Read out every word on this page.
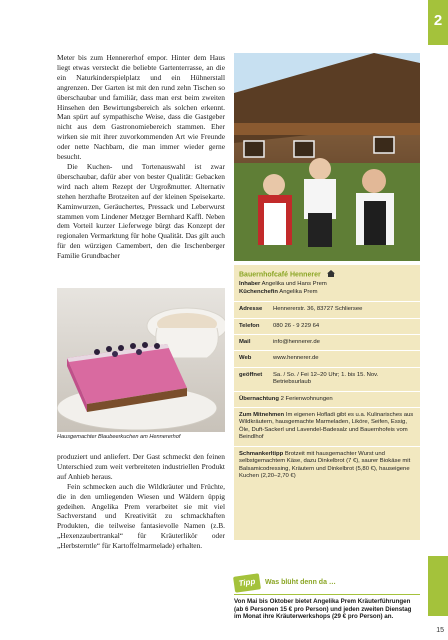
2

Meter bis zum Hennererhof empor. Hinter dem Haus liegt etwas versteckt die beliebte Gartenterrasse, an die ein Naturkinderspielplatz und ein Hühnerstall angrenzen. Der Garten ist mit den rund zehn Tischen so überschaubar und familiär, dass man erst beim zweiten Hinsehen den Bewirtungsbereich als solchen erkennt. Man spürt auf sympathische Weise, dass die Gastgeber nicht aus dem Gastronomiebereich stammen. Eher wirken sie mit ihrer zuvorkommenden Art wie Freunde oder nette Nachbarn, die man immer wieder gerne besucht.

Die Kuchen- und Tortenauswahl ist zwar überschaubar, dafür aber von bester Qualität: Gebacken wird nach altem Rezept der Urgroßmutter. Alternativ stehen herzhafte Brotzeiten auf der kleinen Speisekarte. Kaminwurzen, Geräuchertes, Pressack und Leberwurst stammen vom Lindener Metzger Bernhard Kaffl. Neben dem Vorteil kurzer Lieferwege bürgt das Konzept der regionalen Vermarktung für hohe Qualität. Das gilt auch für den würzigen Camembert, den die Irschenberger Familie Grundbacher

Hausgemachter Blaubeerkuchen am Hennererhof

produziert und anliefert. Der Gast schmeckt den feinen Unterschied zum weit verbreiteten industriellen Produkt auf Anhieb heraus.

Fein schmecken auch die Wildkräuter und Früchte, die in den umliegenden Wiesen und Wäldern üppig gedeihen. Angelika Prem verarbeitet sie mit viel Sachverstand und Kreativität zu schmackhaften Produkten, die teilweise fantasievolle Namen (z.B. „Hexenzaubertrankal“ für Kräuterlikör oder „Herbsterntle“ für Kartoffelmarmelade) erhalten.

Bauernhofcafé Hennerer
Inhaber Angelika und Hans Prem
Küchenchefin Angelika Prem
Adresse	Hennererstr. 36, 83727 Schliersee
Telefon	080 26 - 9 229 64
Mail	info@hennerer.de
Web	www.hennerer.de
geöffnet	Sa. / So. / Fei 12–20 Uhr; 1. bis 15. Nov. Betriebsurlaub
Übernachtung 2 Ferienwohnungen
Zum Mitnehmen Im eigenen Hofladi gibt es u.a. Kulinarisches aus Wildkräutern, hausgemachte Marmeladen, Liköre, Seifen, Essig, Öle, Duft-Sackerl und Lavendel-Badesalz und Bauernhofeis vom Beindlhof
Schmankerltipp Brotzeit mit hausgemachter Wurst und selbstgemachtem Käse, dazu Dinkelbrot (7 €), saurer Biokäse mit Balsamicodressing, Kräutern und Dinkelbrot (5,80 €), hauseigene Kuchen (2,20–2,70 €)
Tipp	Was blüht denn da …
Von Mai bis Oktober bietet Angelika Prem Kräuterführungen (ab 6 Personen 15 € pro Person) und jeden zweiten Dienstag im Monat ihre Kräuterwerkshops (29 € pro Person) an.
15
